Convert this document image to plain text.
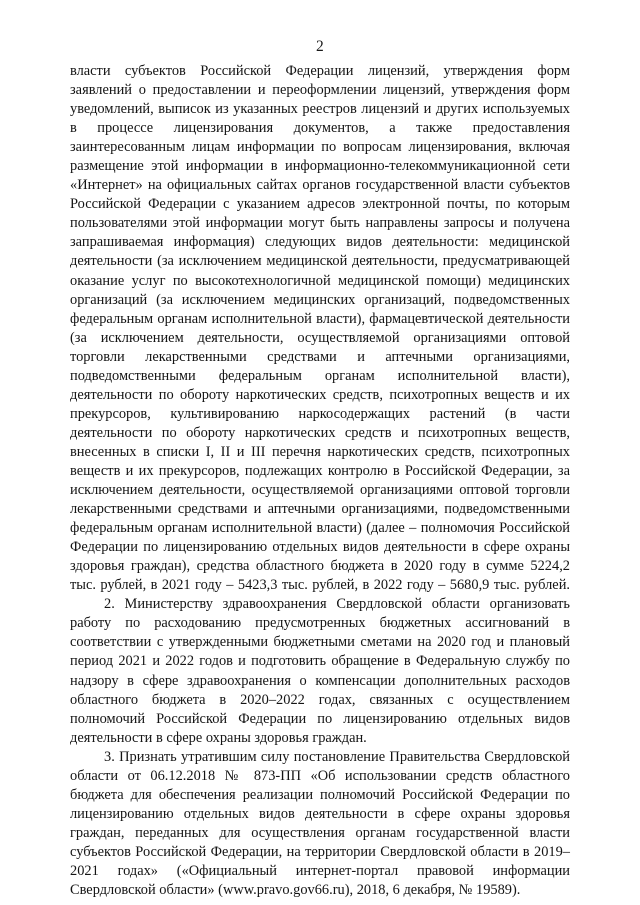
2

власти субъектов Российской Федерации лицензий, утверждения форм заявлений о предоставлении и переоформлении лицензий, утверждения форм уведомлений, выписок из указанных реестров лицензий и других используемых в процессе лицензирования документов, а также предоставления заинтересованным лицам информации по вопросам лицензирования, включая размещение этой информации в информационно-телекоммуникационной сети «Интернет» на официальных сайтах органов государственной власти субъектов Российской Федерации с указанием адресов электронной почты, по которым пользователями этой информации могут быть направлены запросы и получена запрашиваемая информация) следующих видов деятельности: медицинской деятельности (за исключением медицинской деятельности, предусматривающей оказание услуг по высокотехнологичной медицинской помощи) медицинских организаций (за исключением медицинских организаций, подведомственных федеральным органам исполнительной власти), фармацевтической деятельности (за исключением деятельности, осуществляемой организациями оптовой торговли лекарственными средствами и аптечными организациями, подведомственными федеральным органам исполнительной власти), деятельности по обороту наркотических средств, психотропных веществ и их прекурсоров, культивированию наркосодержащих растений (в части деятельности по обороту наркотических средств и психотропных веществ, внесенных в списки I, II и III перечня наркотических средств, психотропных веществ и их прекурсоров, подлежащих контролю в Российской Федерации, за исключением деятельности, осуществляемой организациями оптовой торговли лекарственными средствами и аптечными организациями, подведомственными федеральным органам исполнительной власти) (далее – полномочия Российской Федерации по лицензированию отдельных видов деятельности в сфере охраны здоровья граждан), средства областного бюджета в 2020 году в сумме 5224,2 тыс. рублей, в 2021 году – 5423,3 тыс. рублей, в 2022 году – 5680,9 тыс. рублей.

2. Министерству здравоохранения Свердловской области организовать работу по расходованию предусмотренных бюджетных ассигнований в соответствии с утвержденными бюджетными сметами на 2020 год и плановый период 2021 и 2022 годов и подготовить обращение в Федеральную службу по надзору в сфере здравоохранения о компенсации дополнительных расходов областного бюджета в 2020–2022 годах, связанных с осуществлением полномочий Российской Федерации по лицензированию отдельных видов деятельности в сфере охраны здоровья граждан.

3. Признать утратившим силу постановление Правительства Свердловской области от 06.12.2018 № 873-ПП «Об использовании средств областного бюджета для обеспечения реализации полномочий Российской Федерации по лицензированию отдельных видов деятельности в сфере охраны здоровья граждан, переданных для осуществления органам государственной власти субъектов Российской Федерации, на территории Свердловской области в 2019–2021 годах» («Официальный интернет-портал правовой информации Свердловской области» (www.pravo.gov66.ru), 2018, 6 декабря, № 19589).
